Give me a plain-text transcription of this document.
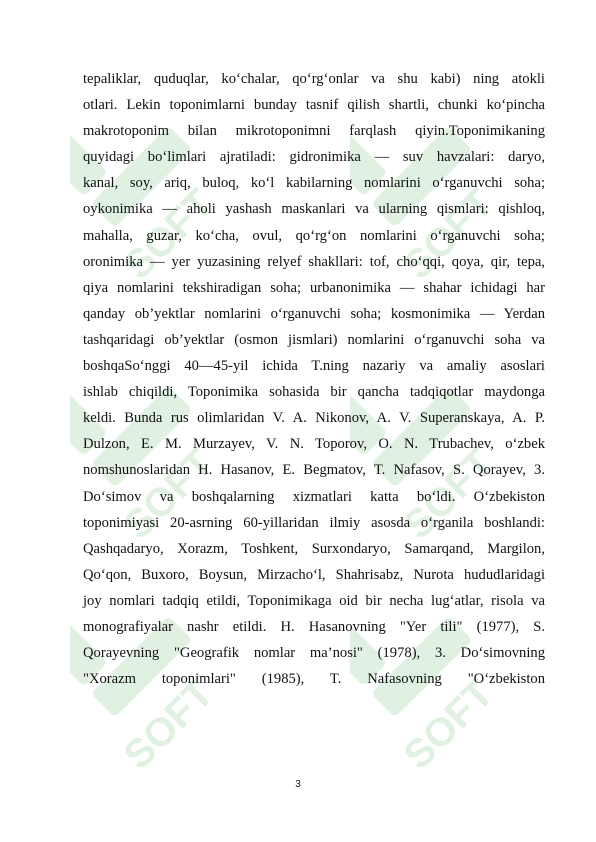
SOFT	SOFT
SOFT	SOFT
SOFT	SOFT
tepaliklar, quduqlar, ko‘chalar, qo‘rg‘onlar va shu kabi) ning atokli
otlari. Lekin toponimlarni bunday tasnif qilish shartli, chunki ko‘pincha
makrotoponim bilan mikrotoponimni farqlash qiyin.Toponimikaning
quyidagi bo‘limlari ajratiladi: gidronimika — suv havzalari: daryo,
kanal, soy, ariq, buloq, ko‘l kabilarning nomlarini o‘rganuvchi soha;
oykonimika — aholi yashash maskanlari va ularning qismlari: qishloq,
mahalla, guzar, ko‘cha, ovul, qo‘rg‘on nomlarini o‘rganuvchi soha;
oronimika — yer yuzasining relyef shakllari: tof, cho‘qqi, qoya, qir, tepa,
qiya nomlarini tekshiradigan soha; urbanonimika — shahar ichidagi har
qanday ob’yektlar nomlarini o‘rganuvchi soha; kosmonimika — Yerdan
tashqaridagi ob’yektlar (osmon jismlari) nomlarini o‘rganuvchi soha va
boshqaSo‘nggi 40—45-yil ichida T.ning nazariy va amaliy asoslari
ishlab chiqildi, Toponimika sohasida bir qancha tadqiqotlar maydonga
keldi. Bunda rus olimlaridan V. A. Nikonov, A. V. Superanskaya, A. P.
Dulzon, E. M. Murzayev, V. N. Toporov, O. N. Trubachev, o‘zbek
nomshunoslaridan H. Hasanov, E. Begmatov, T. Nafasov, S. Qorayev, 3.
Do‘simov va boshqalarning xizmatlari katta bo‘ldi. O‘zbekiston
toponimiyasi 20-asrning 60-yillaridan ilmiy asosda o‘rganila boshlandi:
Qashqadaryo, Xorazm, Toshkent, Surxondaryo, Samarqand, Margilon,
Qo‘qon, Buxoro, Boysun, Mirzacho‘l, Shahrisabz, Nurota hududlaridagi
joy nomlari tadqiq etildi, Toponimikaga oid bir necha lug‘atlar, risola va
monografiyalar nashr etildi. H. Hasanovning "Yer tili" (1977), S.
Qorayevning "Geografik nomlar ma’nosi" (1978), 3. Do‘simovning
"Xorazm toponimlari" (1985), T. Nafasovning "O‘zbekiston
3
